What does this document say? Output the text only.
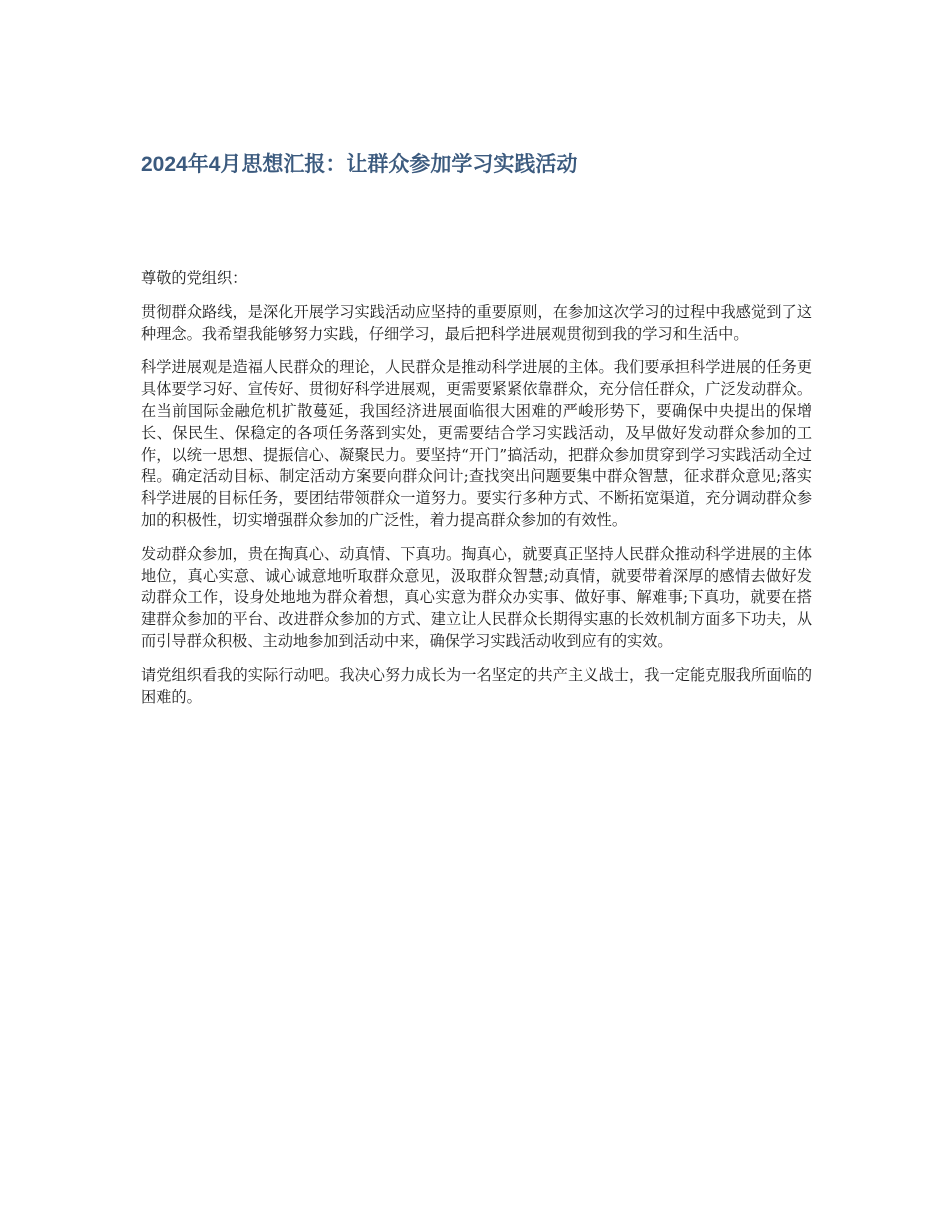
2024年4月思想汇报：让群众参加学习实践活动

尊敬的党组织：

贯彻群众路线，是深化开展学习实践活动应坚持的重要原则，在参加这次学习的过程中我感觉到了这种理念。我希望我能够努力实践，仔细学习，最后把科学进展观贯彻到我的学习和生活中。

科学进展观是造福人民群众的理论，人民群众是推动科学进展的主体。我们要承担科学进展的任务更具体要学习好、宣传好、贯彻好科学进展观，更需要紧紧依靠群众，充分信任群众，广泛发动群众。在当前国际金融危机扩散蔓延，我国经济进展面临很大困难的严峻形势下，要确保中央提出的保增长、保民生、保稳定的各项任务落到实处，更需要结合学习实践活动，及早做好发动群众参加的工作，以统一思想、提振信心、凝聚民力。要坚持“开门”搞活动，把群众参加贯穿到学习实践活动全过程。确定活动目标、制定活动方案要向群众问计;查找突出问题要集中群众智慧，征求群众意见;落实科学进展的目标任务，要团结带领群众一道努力。要实行多种方式、不断拓宽渠道，充分调动群众参加的积极性，切实增强群众参加的广泛性，着力提高群众参加的有效性。

发动群众参加，贵在掏真心、动真情、下真功。掏真心，就要真正坚持人民群众推动科学进展的主体地位，真心实意、诚心诚意地听取群众意见，汲取群众智慧;动真情，就要带着深厚的感情去做好发动群众工作，设身处地地为群众着想，真心实意为群众办实事、做好事、解难事;下真功，就要在搭建群众参加的平台、改进群众参加的方式、建立让人民群众长期得实惠的长效机制方面多下功夫，从而引导群众积极、主动地参加到活动中来，确保学习实践活动收到应有的实效。

请党组织看我的实际行动吧。我决心努力成长为一名坚定的共产主义战士，我一定能克服我所面临的困难的。
